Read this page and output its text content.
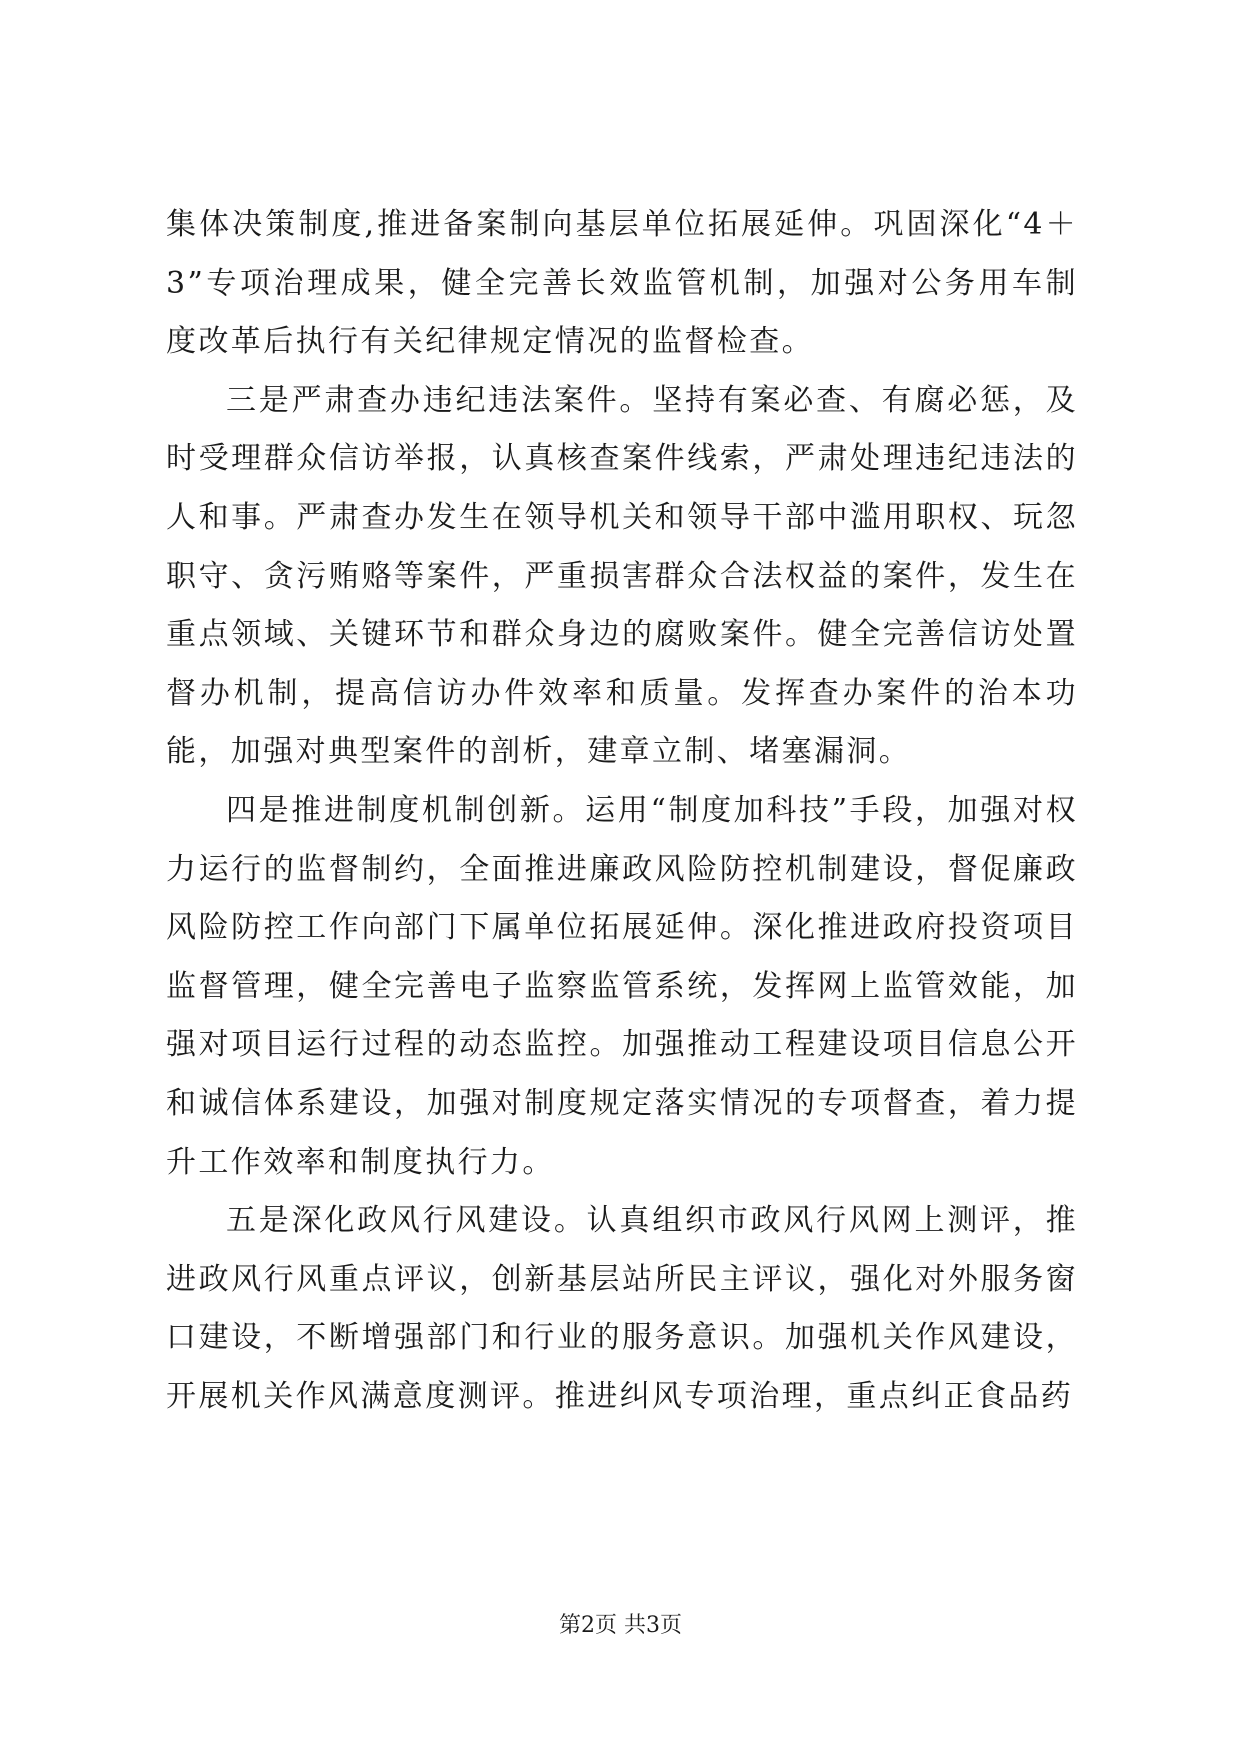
集体决策制度,推进备案制向基层单位拓展延伸。巩固深化“4＋3”专项治理成果，健全完善长效监管机制，加强对公务用车制度改革后执行有关纪律规定情况的监督检查。

三是严肃查办违纪违法案件。坚持有案必查、有腐必惩，及时受理群众信访举报，认真核查案件线索，严肃处理违纪违法的人和事。严肃查办发生在领导机关和领导干部中滥用职权、玩忽职守、贪污贿赂等案件，严重损害群众合法权益的案件，发生在重点领域、关键环节和群众身边的腐败案件。健全完善信访处置督办机制，提高信访办件效率和质量。发挥查办案件的治本功能，加强对典型案件的剖析，建章立制、堵塞漏洞。

四是推进制度机制创新。运用“制度加科技”手段，加强对权力运行的监督制约，全面推进廉政风险防控机制建设，督促廉政风险防控工作向部门下属单位拓展延伸。深化推进政府投资项目监督管理，健全完善电子监察监管系统，发挥网上监管效能，加强对项目运行过程的动态监控。加强推动工程建设项目信息公开和诚信体系建设，加强对制度规定落实情况的专项督查，着力提升工作效率和制度执行力。

五是深化政风行风建设。认真组织市政风行风网上测评，推进政风行风重点评议，创新基层站所民主评议，强化对外服务窗口建设，不断增强部门和行业的服务意识。加强机关作风建设，开展机关作风满意度测评。推进纠风专项治理，重点纠正食品药

第2页 共3页
